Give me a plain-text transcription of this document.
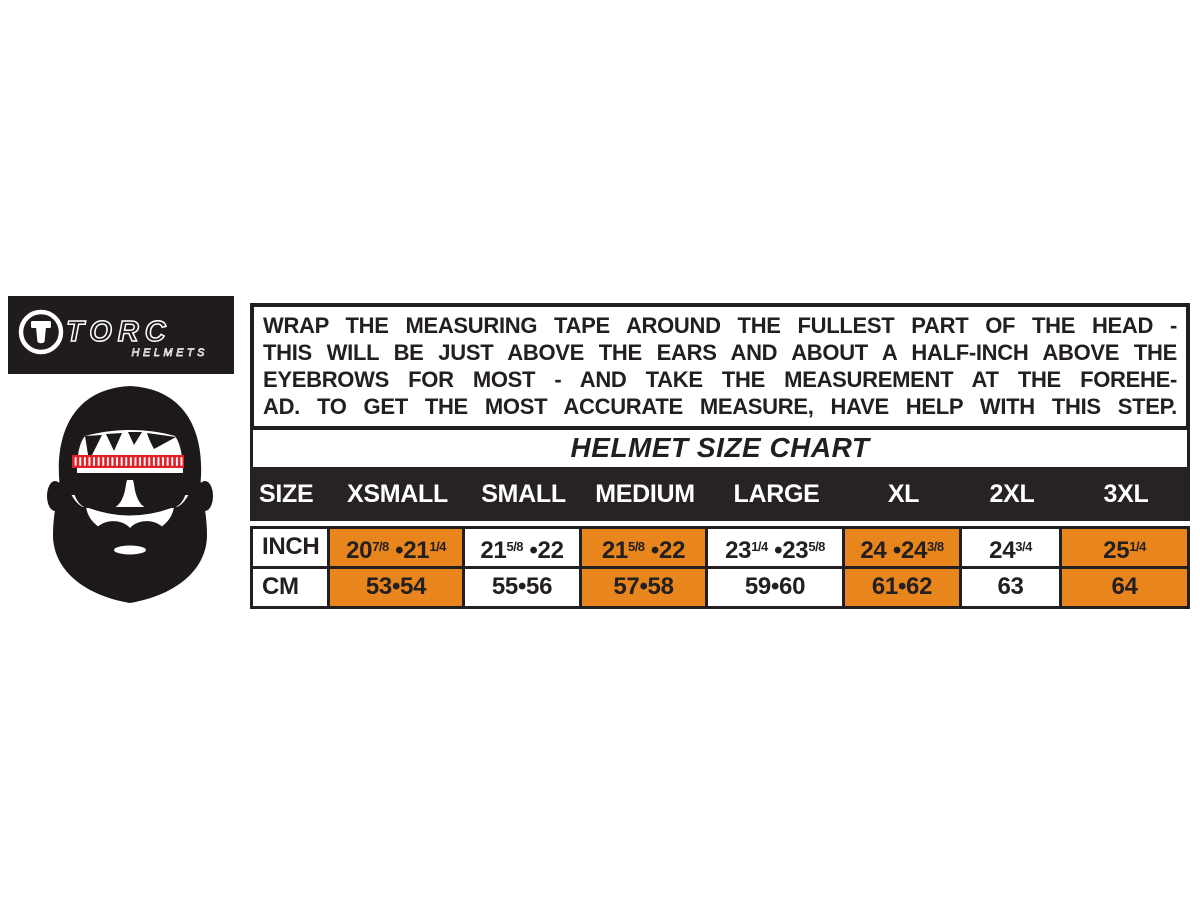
TORC
HELMETS
WRAP THE MEASURING TAPE AROUND THE FULLEST PART OF THE HEAD -
THIS WILL BE JUST ABOVE THE EARS AND ABOUT A HALF-INCH ABOVE THE
EYEBROWS FOR MOST - AND TAKE THE MEASUREMENT AT THE FOREHE-
AD. TO GET THE MOST ACCURATE MEASURE, HAVE HELP WITH THIS STEP.
HELMET SIZE CHART
SIZE	XSMALL	SMALL	MEDIUM	LARGE	XL	2XL	3XL
INCH	$20^{7/8}$ $•21^{1/4}$	$21^{5/8}$ •22	$21^{5/8}$ •22	$23^{1/4}$ $•23^{5/8}$	24 $•24^{3/8}$	$24^{3/4}$	$25^{1/4}$
CM	53•54	55•56	57•58	59•60	61•62	63	64
